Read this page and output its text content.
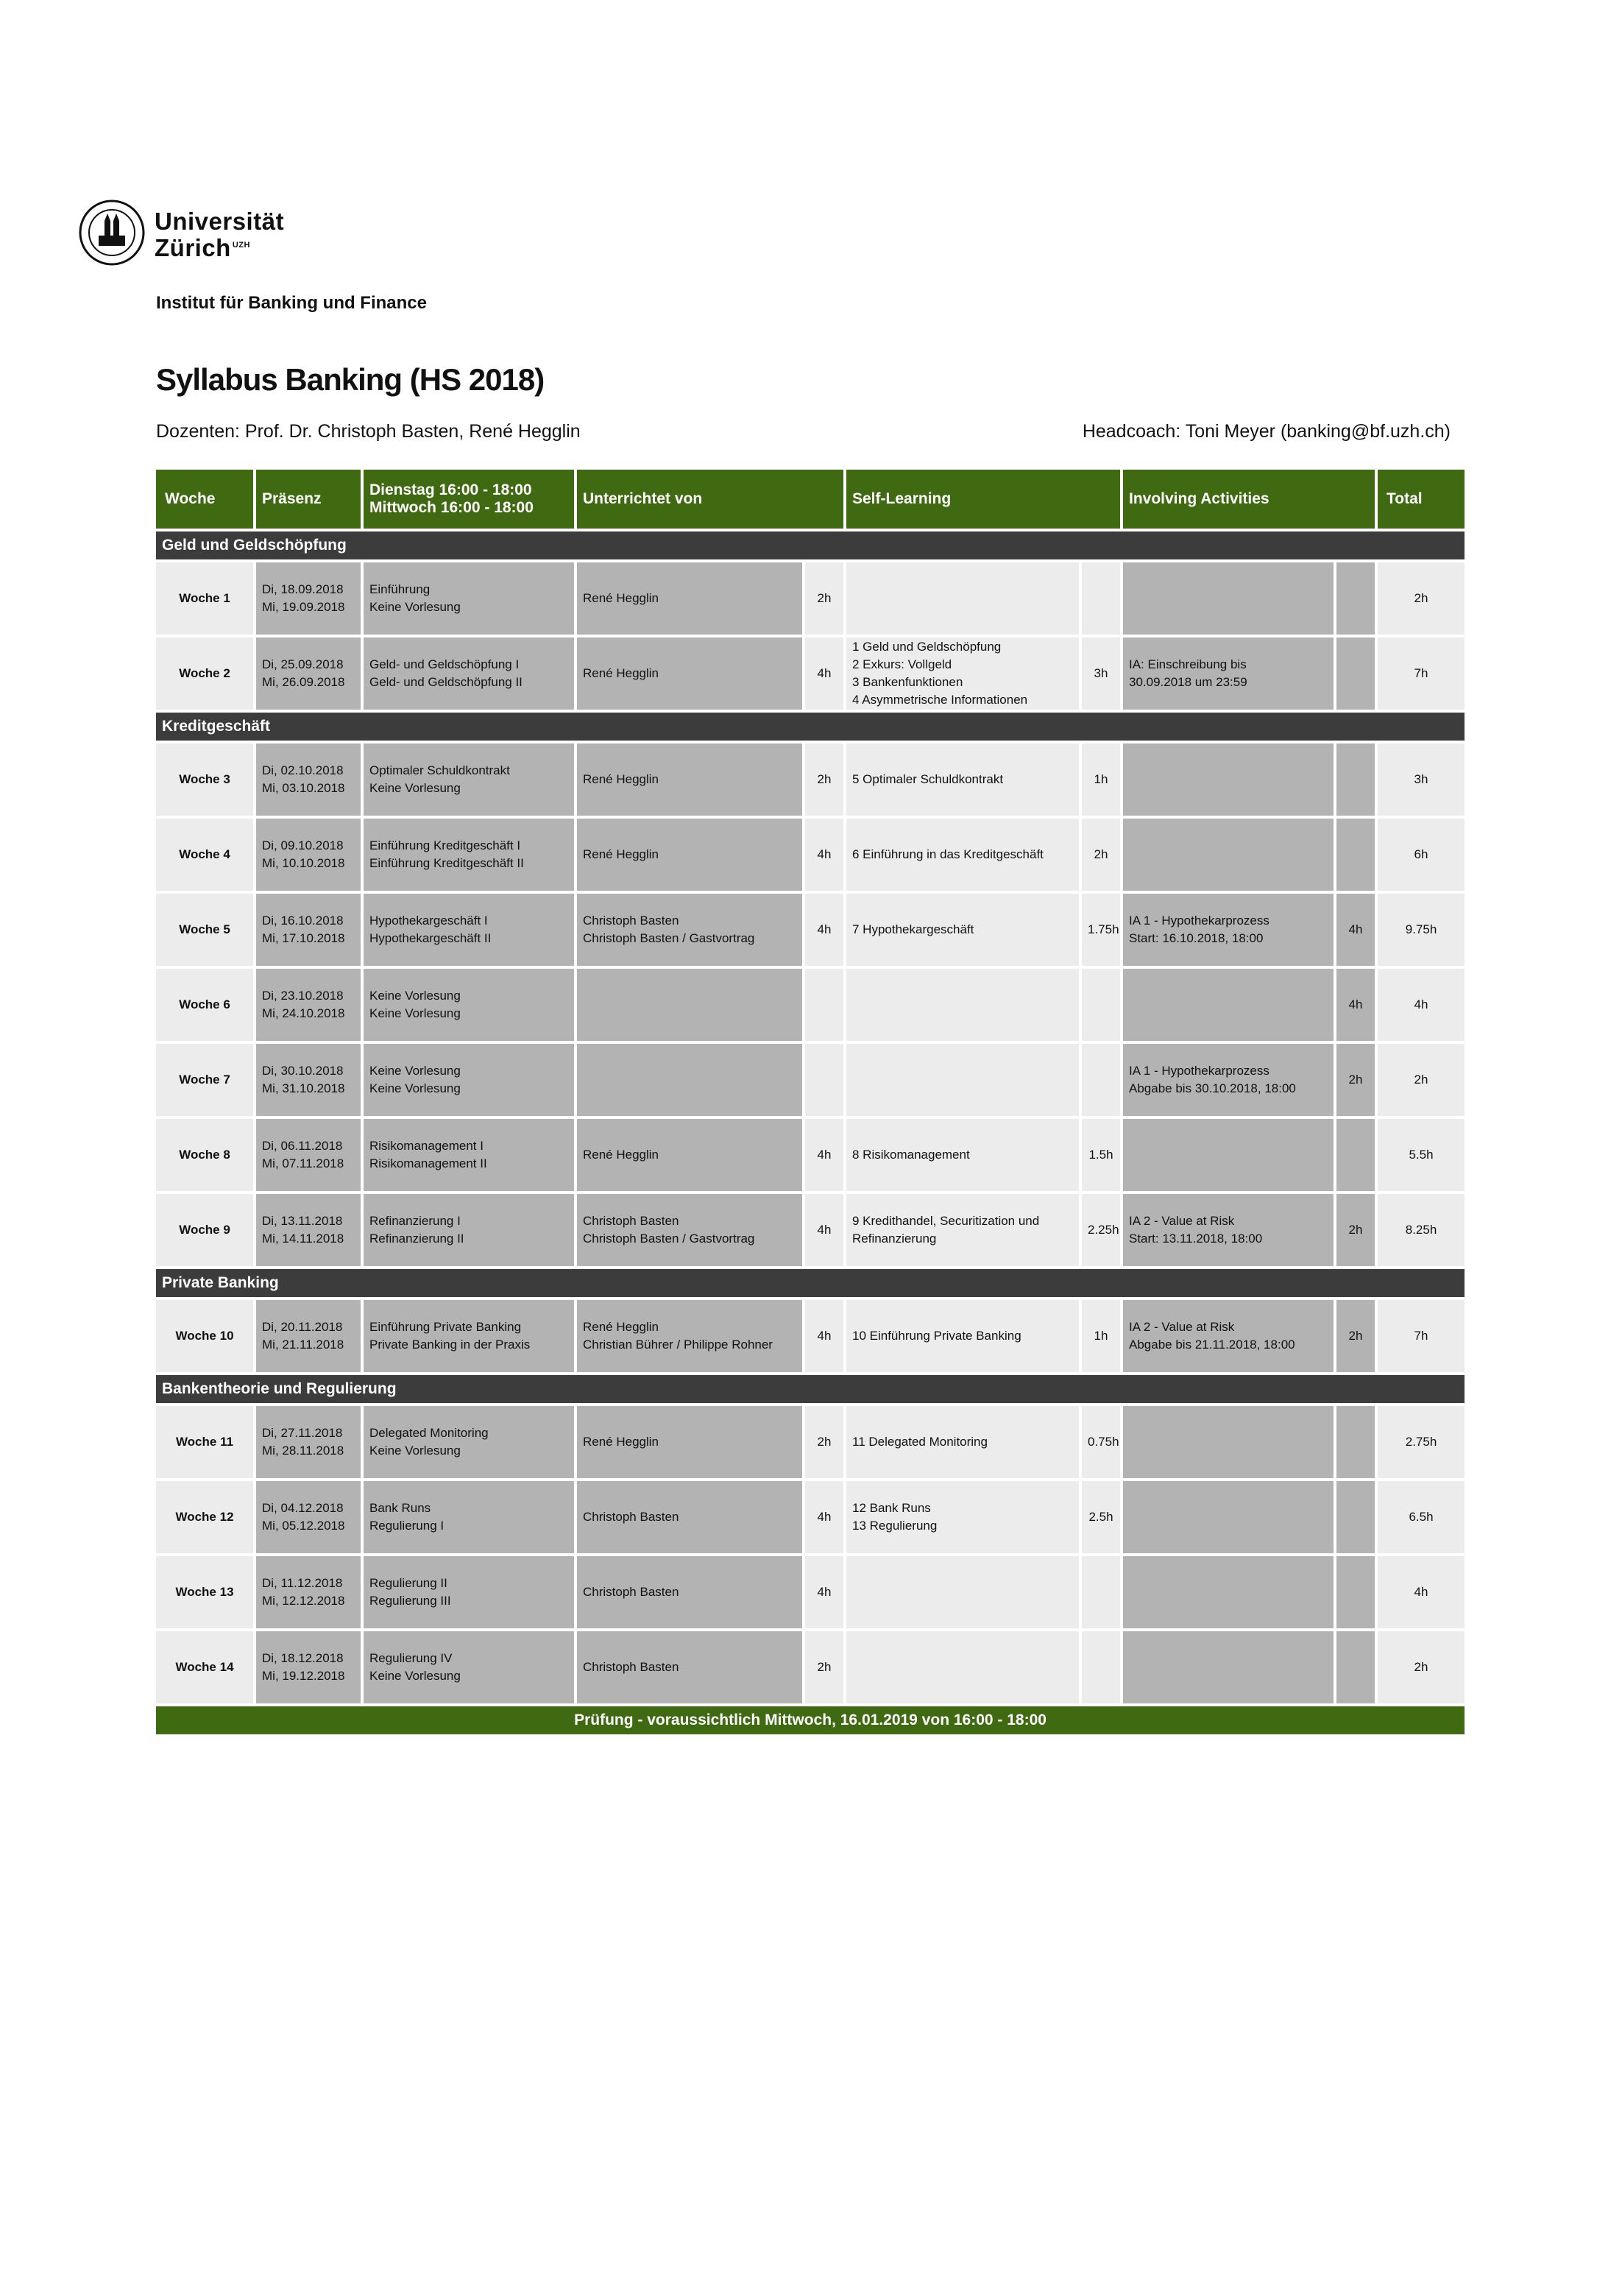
Universität
Zürich $^{UZH}$
Institut für Banking und Finance
Syllabus Banking (HS 2018)
Dozenten: Prof. Dr. Christoph Basten, René Hegglin	Headcoach: Toni Meyer (banking@bf.uzh.ch)
Woche	Präsenz	Dienstag 16:00 - 18:00
Mittwoch 16:00 - 18:00	Unterrichtet von		Self-Learning		Involving Activities		Total
Geld und Geldschöpfung									
Woche 1	Di, 18.09.2018
Mi, 19.09.2018	Einführung
Keine Vorlesung	René Hegglin	2h					2h
Woche 2	Di, 25.09.2018
Mi, 26.09.2018	Geld- und Geldschöpfung I
Geld- und Geldschöpfung II	René Hegglin	4h	1 Geld und Geldschöpfung
2 Exkurs: Vollgeld
3 Bankenfunktionen
4 Asymmetrische Informationen	3h	IA: Einschreibung bis
30.09.2018 um 23:59		7h
Kreditgeschäft									
Woche 3	Di, 02.10.2018
Mi, 03.10.2018	Optimaler Schuldkontrakt
Keine Vorlesung	René Hegglin	2h	5 Optimaler Schuldkontrakt	1h			3h
Woche 4	Di, 09.10.2018
Mi, 10.10.2018	Einführung Kreditgeschäft I
Einführung Kreditgeschäft II	René Hegglin	4h	6 Einführung in das Kreditgeschäft	2h			6h
Woche 5	Di, 16.10.2018
Mi, 17.10.2018	Hypothekargeschäft I
Hypothekargeschäft II	Christoph Basten
Christoph Basten / Gastvortrag	4h	7 Hypothekargeschäft	1.75h	IA 1 - Hypothekarprozess
Start: 16.10.2018, 18:00	4h	9.75h
Woche 6	Di, 23.10.2018
Mi, 24.10.2018	Keine Vorlesung
Keine Vorlesung						4h	4h
Woche 7	Di, 30.10.2018
Mi, 31.10.2018	Keine Vorlesung
Keine Vorlesung					IA 1 - Hypothekarprozess
Abgabe bis 30.10.2018, 18:00	2h	2h
Woche 8	Di, 06.11.2018
Mi, 07.11.2018	Risikomanagement I
Risikomanagement II	René Hegglin	4h	8 Risikomanagement	1.5h			5.5h
Woche 9	Di, 13.11.2018
Mi, 14.11.2018	Refinanzierung I
Refinanzierung II	Christoph Basten
Christoph Basten / Gastvortrag	4h	9 Kredithandel, Securitization und
Refinanzierung	2.25h	IA 2 - Value at Risk
Start: 13.11.2018, 18:00	2h	8.25h
Private Banking									
Woche 10	Di, 20.11.2018
Mi, 21.11.2018	Einführung Private Banking
Private Banking in der Praxis	René Hegglin
Christian Bührer / Philippe Rohner	4h	10 Einführung Private Banking	1h	IA 2 - Value at Risk
Abgabe bis 21.11.2018, 18:00	2h	7h
Bankentheorie und Regulierung									
Woche 11	Di, 27.11.2018
Mi, 28.11.2018	Delegated Monitoring
Keine Vorlesung	René Hegglin	2h	11 Delegated Monitoring	0.75h			2.75h
Woche 12	Di, 04.12.2018
Mi, 05.12.2018	Bank Runs
Regulierung I	Christoph Basten	4h	12 Bank Runs
13 Regulierung	2.5h			6.5h
Woche 13	Di, 11.12.2018
Mi, 12.12.2018	Regulierung II
Regulierung III	Christoph Basten	4h					4h
Woche 14	Di, 18.12.2018
Mi, 19.12.2018	Regulierung IV
Keine Vorlesung	Christoph Basten	2h					2h
Prüfung - voraussichtlich Mittwoch, 16.01.2019 von 16:00 - 18:00									
